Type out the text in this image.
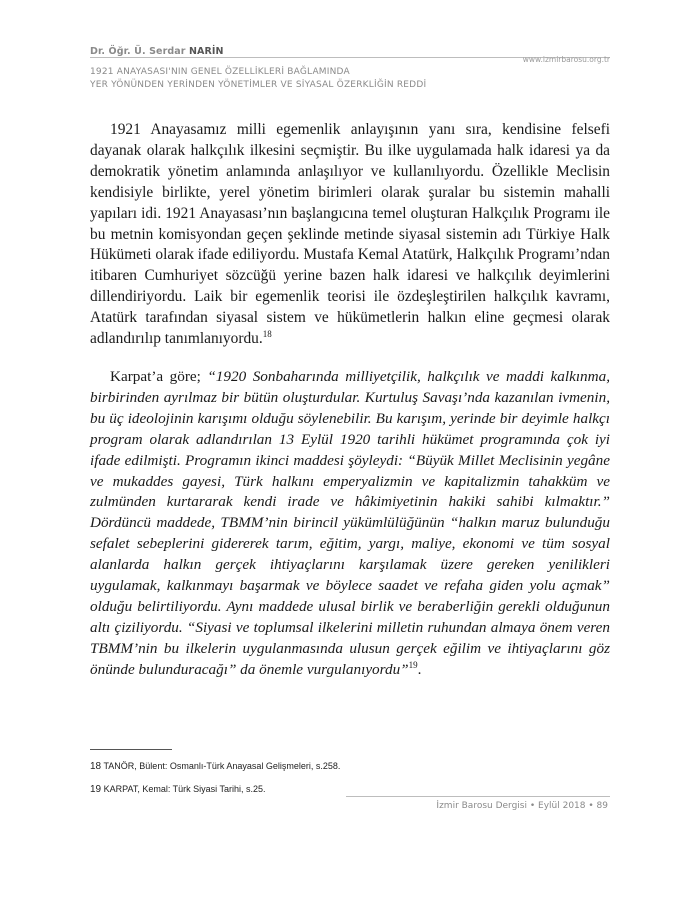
Dr. Öğr. Ü. Serdar NARİN
1921 ANAYASASI'NIN GENEL ÖZELLİKLERİ BAĞLAMINDA
YER YÖNÜNDEN YERİNDEN YÖNETİMLER VE SİYASAL ÖZERKLİĞİN REDDİ
www.izmirbarosu.org.tr

1921 Anayasamız milli egemenlik anlayışının yanı sıra, kendisine felsefi dayanak olarak halkçılık ilkesini seçmiştir. Bu ilke uygulamada halk idaresi ya da demokratik yönetim anlamında anlaşılıyor ve kullanılıyordu. Özellikle Meclisin kendisiyle birlikte, yerel yönetim birimleri olarak şuralar bu sistemin mahalli yapıları idi. 1921 Anayasası’nın başlangıcına temel oluşturan Halkçılık Programı ile bu metnin komisyondan geçen şeklinde metinde siyasal sistemin adı Türkiye Halk Hükümeti olarak ifade ediliyordu. Mustafa Kemal Atatürk, Halkçılık Programı’ndan itibaren Cumhuriyet sözcüğü yerine bazen halk idaresi ve halkçılık deyimlerini dillendiriyordu. Laik bir egemenlik teorisi ile özdeşleştirilen halkçılık kavramı, Atatürk tarafından siyasal sistem ve hükümetlerin halkın eline geçmesi olarak adlandırılıp tanımlanıyordu.$^{18}$

Karpat’a göre; “1920 Sonbaharında milliyetçilik, halkçılık ve maddi kalkınma, birbirinden ayrılmaz bir bütün oluşturdular. Kurtuluş Savaşı’nda kazanılan ivmenin, bu üç ideolojinin karışımı olduğu söylenebilir. Bu karışım, yerinde bir deyimle halkçı program olarak adlandırılan 13 Eylül 1920 tarihli hükümet programında çok iyi ifade edilmişti. Programın ikinci maddesi şöyleydi: “Büyük Millet Meclisinin yegâne ve mukaddes gayesi, Türk halkını emperyalizmin ve kapitalizmin tahakküm ve zulmünden kurtararak kendi irade ve hâkimiyetinin hakiki sahibi kılmaktır.” Dördüncü maddede, TBMM’nin birincil yükümlülüğünün “halkın maruz bulunduğu sefalet sebeplerini gidererek tarım, eğitim, yargı, maliye, ekonomi ve tüm sosyal alanlarda halkın gerçek ihtiyaçlarını karşılamak üzere gereken yenilikleri uygulamak, kalkınmayı başarmak ve böylece saadet ve refaha giden yolu açmak” olduğu belirtiliyordu. Aynı maddede ulusal birlik ve beraberliğin gerekli olduğunun altı çiziliyordu. “Siyasi ve toplumsal ilkelerini milletin ruhundan almaya önem veren TBMM’nin bu ilkelerin uygulanmasında ulusun gerçek eğilim ve ihtiyaçlarını göz önünde bulunduracağı” da önemle vurgulanıyordu”$^{19}$.

18 TANÖR, Bülent: Osmanlı-Türk Anayasal Gelişmeleri, s.258.
19 KARPAT, Kemal: Türk Siyasi Tarihi, s.25.
İzmir Barosu Dergisi • Eylül 2018 • 89
